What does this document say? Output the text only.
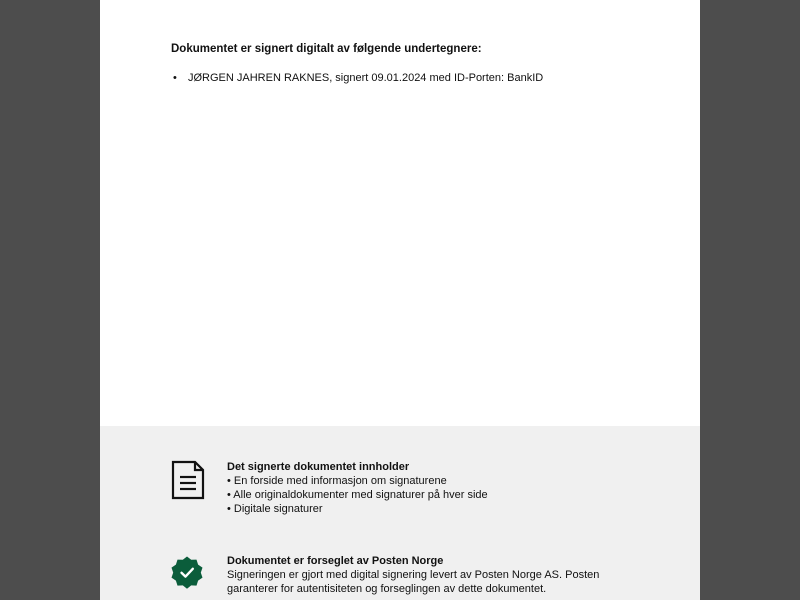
Dokumentet er signert digitalt av følgende undertegnere:
• JØRGEN JAHREN RAKNES, signert 09.01.2024 med ID-Porten: BankID
Det signerte dokumentet innholder
• En forside med informasjon om signaturene
• Alle originaldokumenter med signaturer på hver side
• Digitale signaturer
Dokumentet er forseglet av Posten Norge
Signeringen er gjort med digital signering levert av Posten Norge AS. Posten
garanterer for autentisiteten og forseglingen av dette dokumentet.
